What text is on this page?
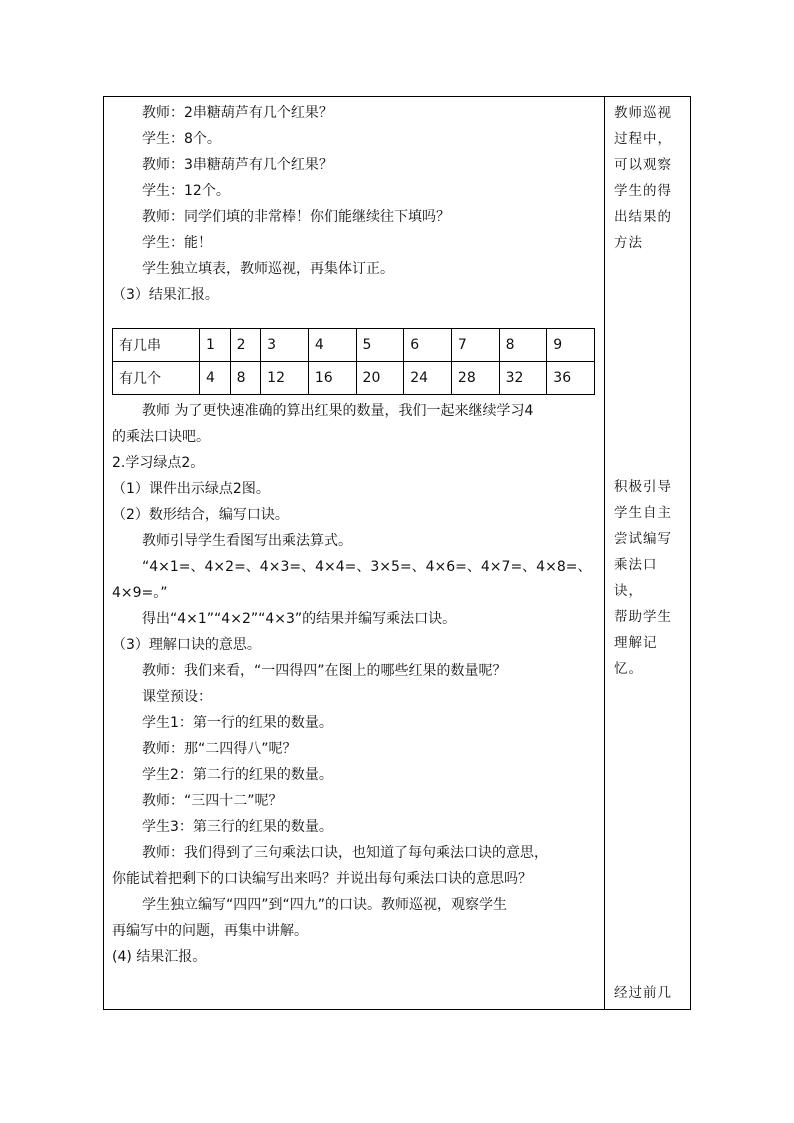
教师：2串糖葫芦有几个红果？
学生：8个。
教师：3串糖葫芦有几个红果？
学生：12个。
教师：同学们填的非常棒！你们能继续往下填吗？
学生：能！
学生独立填表，教师巡视，再集体订正。
（3）结果汇报。
有几串	1	2	3	4	5	6	7	8	9
有几个	4	8	12	16	20	24	28	32	36
教师 为了更快速准确的算出红果的数量，我们一起来继续学习4
的乘法口诀吧。
2.学习绿点2。
（1）课件出示绿点2图。
（2）数形结合，编写口诀。
教师引导学生看图写出乘法算式。
“4×1=、4×2=、4×3=、4×4=、3×5=、4×6=、4×7=、4×8=、
4×9=。”
得出“4×1”“4×2”“4×3”的结果并编写乘法口诀。
（3）理解口诀的意思。
教师：我们来看，“一四得四”在图上的哪些红果的数量呢？
课堂预设：
学生1：第一行的红果的数量。
教师：那“二四得八”呢？
学生2：第二行的红果的数量。
教师：“三四十二”呢？
学生3：第三行的红果的数量。
教师：我们得到了三句乘法口诀，也知道了每句乘法口诀的意思，
你能试着把剩下的口诀编写出来吗？并说出每句乘法口诀的意思吗？
学生独立编写“四四”到“四九”的口诀。教师巡视，观察学生
再编写中的问题，再集中讲解。
(4) 结果汇报。
教师巡视
过程中，
可以观察
学生的得
出结果的
方法
积极引导
学生自主
尝试编写
乘法口诀，
帮助学生
理解记忆。
经过前几
